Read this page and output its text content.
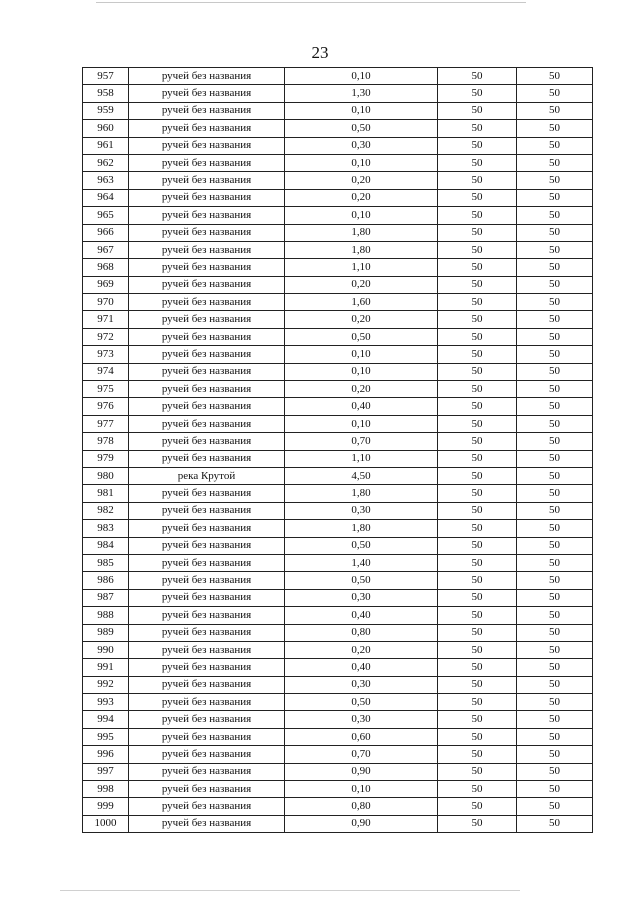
23
957	ручей без названия	0,10	50	50
958	ручей без названия	1,30	50	50
959	ручей без названия	0,10	50	50
960	ручей без названия	0,50	50	50
961	ручей без названия	0,30	50	50
962	ручей без названия	0,10	50	50
963	ручей без названия	0,20	50	50
964	ручей без названия	0,20	50	50
965	ручей без названия	0,10	50	50
966	ручей без названия	1,80	50	50
967	ручей без названия	1,80	50	50
968	ручей без названия	1,10	50	50
969	ручей без названия	0,20	50	50
970	ручей без названия	1,60	50	50
971	ручей без названия	0,20	50	50
972	ручей без названия	0,50	50	50
973	ручей без названия	0,10	50	50
974	ручей без названия	0,10	50	50
975	ручей без названия	0,20	50	50
976	ручей без названия	0,40	50	50
977	ручей без названия	0,10	50	50
978	ручей без названия	0,70	50	50
979	ручей без названия	1,10	50	50
980	река Крутой	4,50	50	50
981	ручей без названия	1,80	50	50
982	ручей без названия	0,30	50	50
983	ручей без названия	1,80	50	50
984	ручей без названия	0,50	50	50
985	ручей без названия	1,40	50	50
986	ручей без названия	0,50	50	50
987	ручей без названия	0,30	50	50
988	ручей без названия	0,40	50	50
989	ручей без названия	0,80	50	50
990	ручей без названия	0,20	50	50
991	ручей без названия	0,40	50	50
992	ручей без названия	0,30	50	50
993	ручей без названия	0,50	50	50
994	ручей без названия	0,30	50	50
995	ручей без названия	0,60	50	50
996	ручей без названия	0,70	50	50
997	ручей без названия	0,90	50	50
998	ручей без названия	0,10	50	50
999	ручей без названия	0,80	50	50
1000	ручей без названия	0,90	50	50
